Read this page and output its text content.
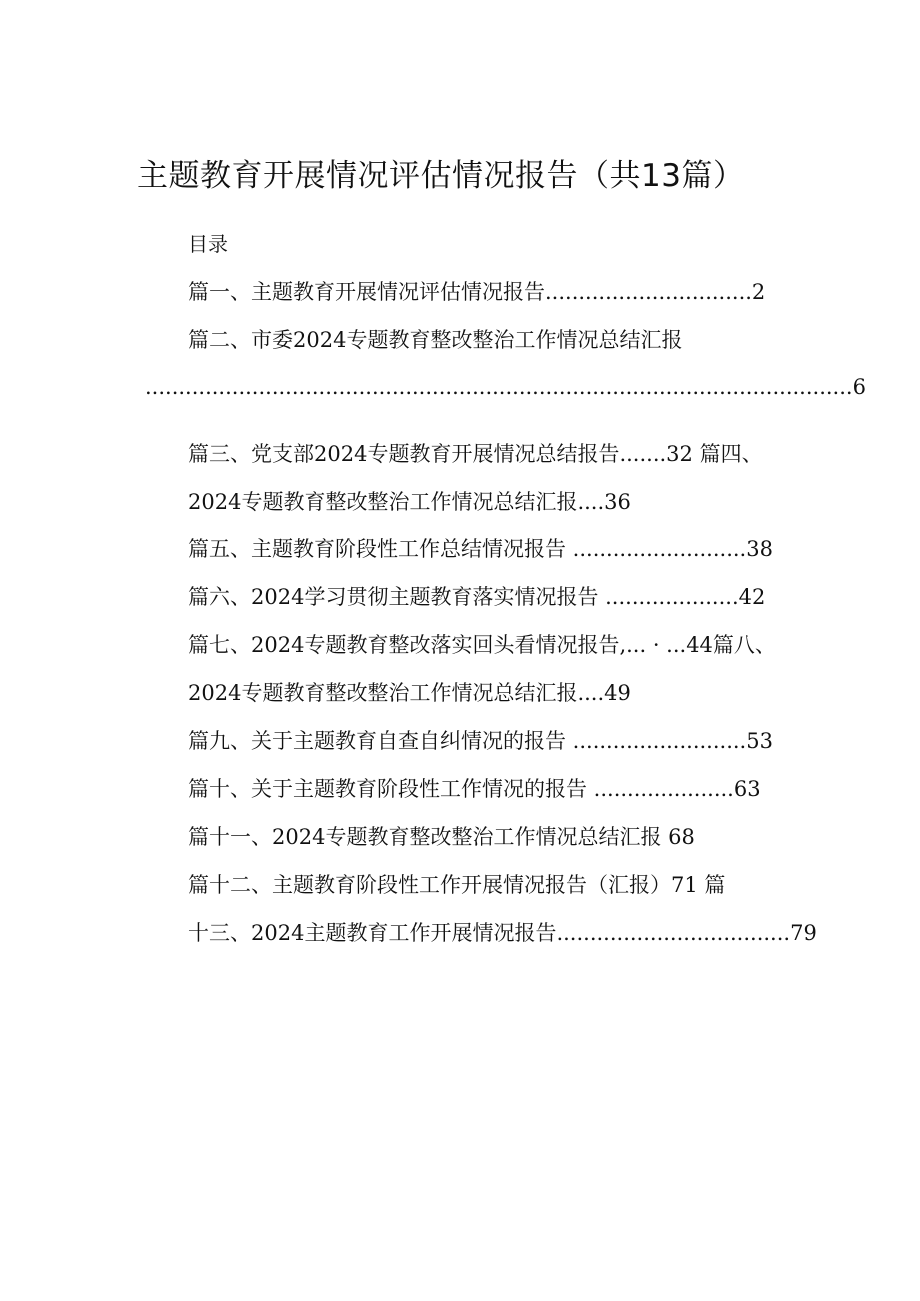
主题教育开展情况评估情况报告（共13篇）
目录
篇一、主题教育开展情况评估情况报告...............................2
篇二、市委2024专题教育整改整治工作情况总结汇报
..........................................................................................................6
篇三、党支部2024专题教育开展情况总结报告.......32 篇四、
2024专题教育整改整治工作情况总结汇报....36
篇五、主题教育阶段性工作总结情况报告 ..........................38
篇六、2024学习贯彻主题教育落实情况报告 ....................42
篇七、2024专题教育整改落实回头看情况报告,... · ...44篇八、
2024专题教育整改整治工作情况总结汇报....49
篇九、关于主题教育自查自纠情况的报告 ..........................53
篇十、关于主题教育阶段性工作情况的报告 .....................63
篇十一、2024专题教育整改整治工作情况总结汇报 68
篇十二、主题教育阶段性工作开展情况报告（汇报）71 篇
十三、2024主题教育工作开展情况报告...................................79
